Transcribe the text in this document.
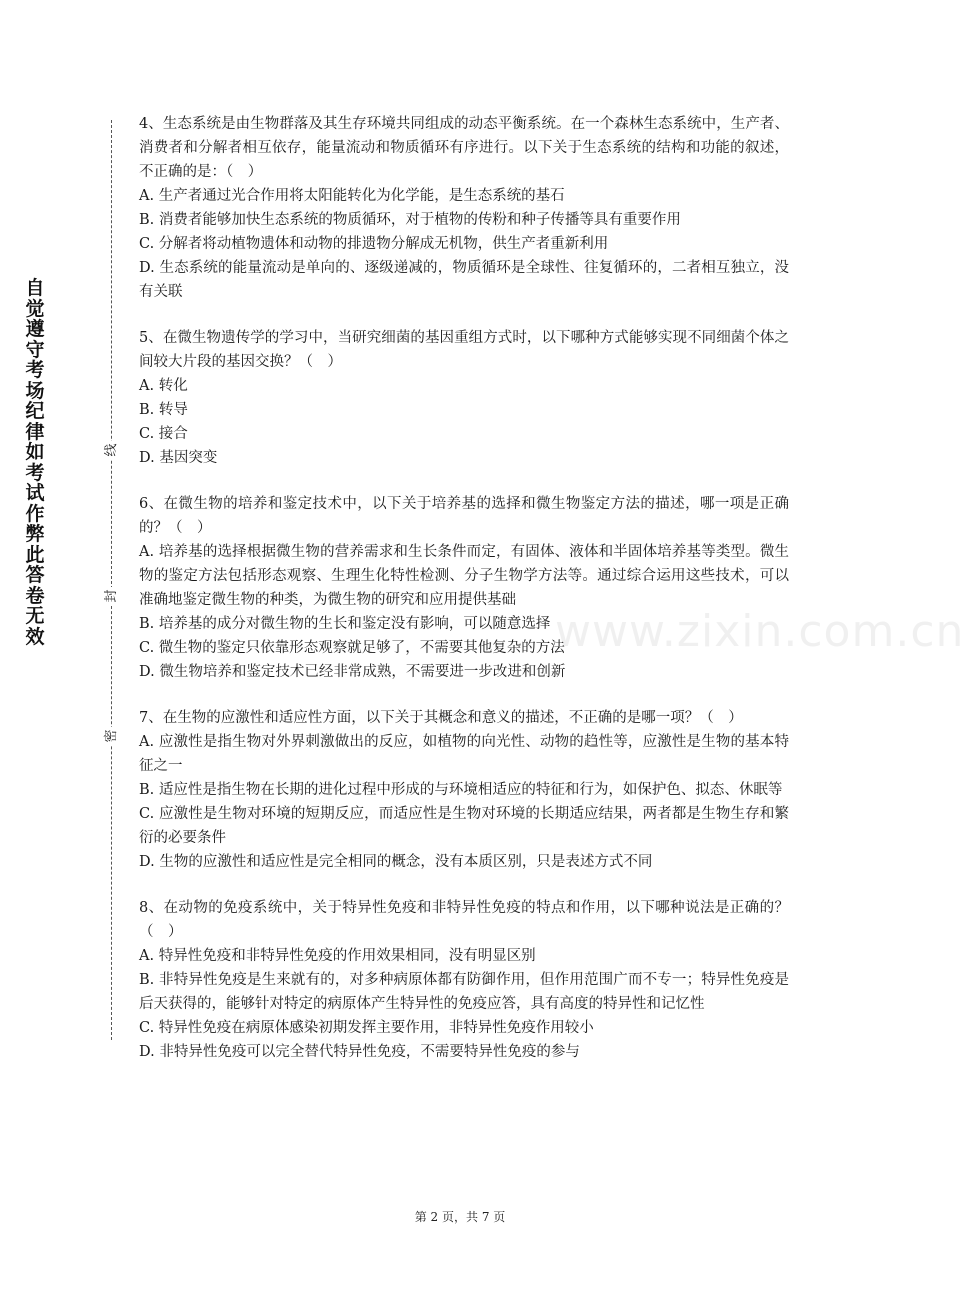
自觉遵守考场纪律如考试作弊此答卷无效
线
封
密
www.zixin.com.cn

4、生态系统是由生物群落及其生存环境共同组成的动态平衡系统。在一个森林生态系统中，生产者、消费者和分解者相互依存，能量流动和物质循环有序进行。以下关于生态系统的结构和功能的叙述，不正确的是：（　）

A. 生产者通过光合作用将太阳能转化为化学能，是生态系统的基石

B. 消费者能够加快生态系统的物质循环，对于植物的传粉和种子传播等具有重要作用

C. 分解者将动植物遗体和动物的排遗物分解成无机物，供生产者重新利用

D. 生态系统的能量流动是单向的、逐级递减的，物质循环是全球性、往复循环的，二者相互独立，没有关联

5、在微生物遗传学的学习中，当研究细菌的基因重组方式时，以下哪种方式能够实现不同细菌个体之间较大片段的基因交换？（　）

A. 转化

B. 转导

C. 接合

D. 基因突变

6、在微生物的培养和鉴定技术中，以下关于培养基的选择和微生物鉴定方法的描述，哪一项是正确的？（　）

A. 培养基的选择根据微生物的营养需求和生长条件而定，有固体、液体和半固体培养基等类型。微生物的鉴定方法包括形态观察、生理生化特性检测、分子生物学方法等。通过综合运用这些技术，可以准确地鉴定微生物的种类，为微生物的研究和应用提供基础

B. 培养基的成分对微生物的生长和鉴定没有影响，可以随意选择

C. 微生物的鉴定只依靠形态观察就足够了，不需要其他复杂的方法

D. 微生物培养和鉴定技术已经非常成熟，不需要进一步改进和创新

7、在生物的应激性和适应性方面，以下关于其概念和意义的描述，不正确的是哪一项？（　）

A. 应激性是指生物对外界刺激做出的反应，如植物的向光性、动物的趋性等，应激性是生物的基本特征之一

B. 适应性是指生物在长期的进化过程中形成的与环境相适应的特征和行为，如保护色、拟态、休眠等

C. 应激性是生物对环境的短期反应，而适应性是生物对环境的长期适应结果，两者都是生物生存和繁衍的必要条件

D. 生物的应激性和适应性是完全相同的概念，没有本质区别，只是表述方式不同

8、在动物的免疫系统中，关于特异性免疫和非特异性免疫的特点和作用，以下哪种说法是正确的？（　）

A. 特异性免疫和非特异性免疫的作用效果相同，没有明显区别

B. 非特异性免疫是生来就有的，对多种病原体都有防御作用，但作用范围广而不专一；特异性免疫是后天获得的，能够针对特定的病原体产生特异性的免疫应答，具有高度的特异性和记忆性

C. 特异性免疫在病原体感染初期发挥主要作用，非特异性免疫作用较小

D. 非特异性免疫可以完全替代特异性免疫，不需要特异性免疫的参与

第 2 页，共 7 页
